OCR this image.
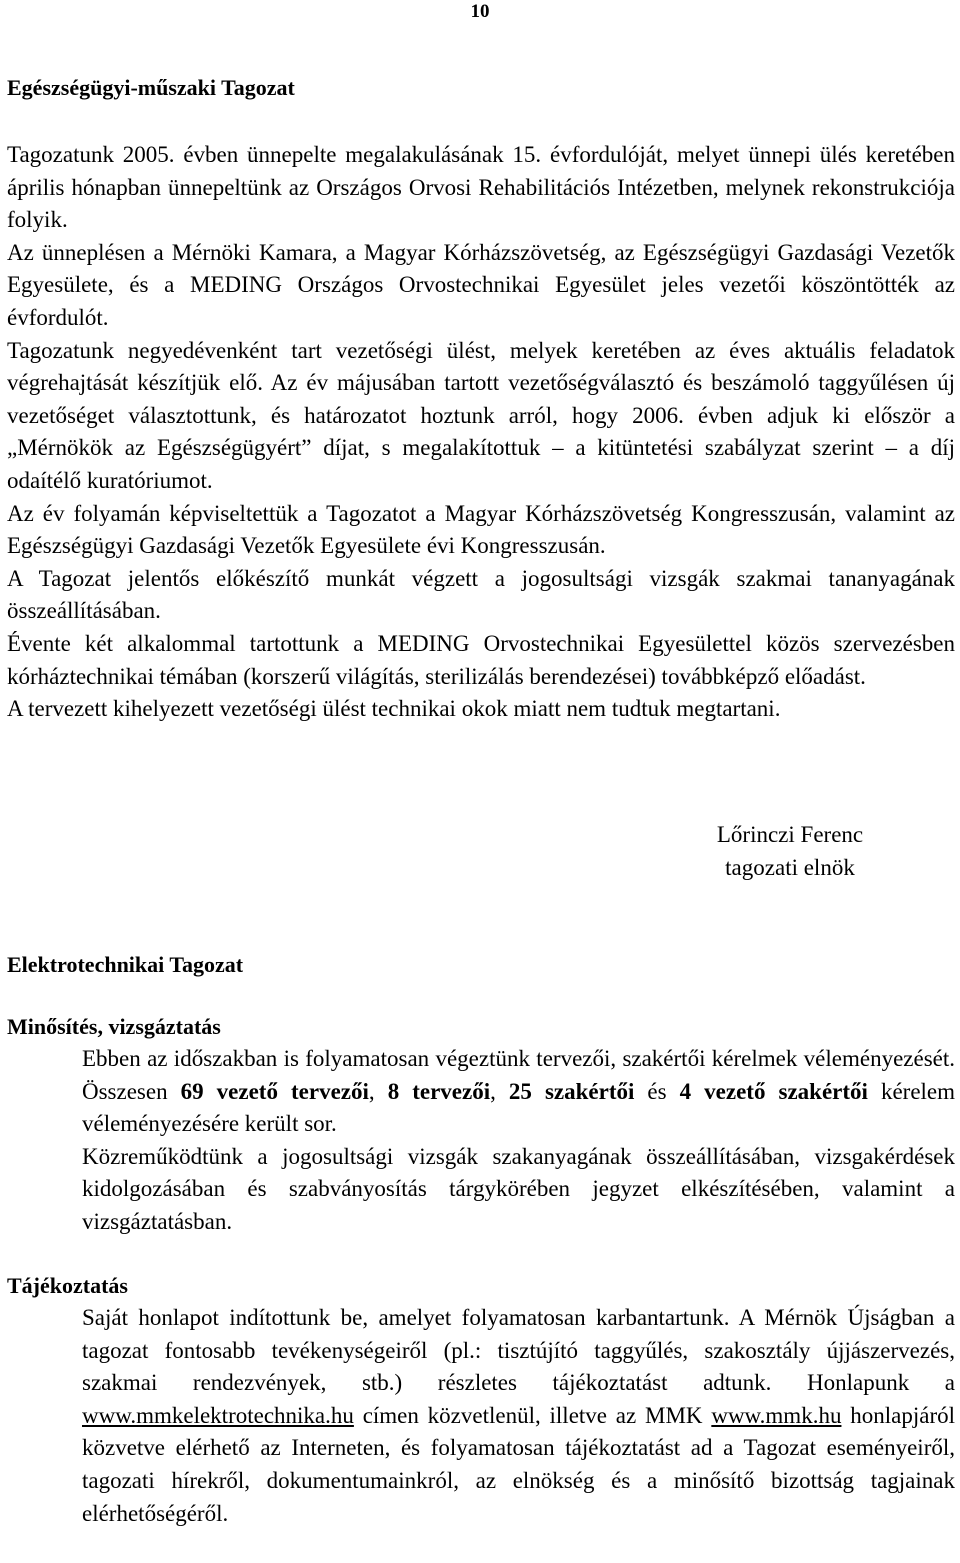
10
Egészségügyi-műszaki Tagozat

Tagozatunk 2005. évben ünnepelte megalakulásának 15. évfordulóját, melyet ünnepi ülés keretében április hónapban ünnepeltünk az Országos Orvosi Rehabilitációs Intézetben, melynek rekonstrukciója folyik.

Az ünneplésen a Mérnöki Kamara, a Magyar Kórházszövetség, az Egészségügyi Gazdasági Vezetők Egyesülete, és a MEDING Országos Orvostechnikai Egyesület jeles vezetői köszöntötték az évfordulót.

Tagozatunk negyedévenként tart vezetőségi ülést, melyek keretében az éves aktuális feladatok végrehajtását készítjük elő. Az év májusában tartott vezetőségválasztó és beszámoló taggyűlésen új vezetőséget választottunk, és határozatot hoztunk arról, hogy 2006. évben adjuk ki először a „Mérnökök az Egészségügyért” díjat, s megalakítottuk – a kitüntetési szabályzat szerint – a díj odaítélő kuratóriumot.

Az év folyamán képviseltettük a Tagozatot a Magyar Kórházszövetség Kongresszusán, valamint az Egészségügyi Gazdasági Vezetők Egyesülete évi Kongresszusán.

A Tagozat jelentős előkészítő munkát végzett a jogosultsági vizsgák szakmai tananyagának összeállításában.

Évente két alkalommal tartottunk a MEDING Orvostechnikai Egyesülettel közös szervezésben kórháztechnikai témában (korszerű világítás, sterilizálás berendezései) továbbképző előadást.

A tervezett kihelyezett vezetőségi ülést technikai okok miatt nem tudtuk megtartani.

Lőrinczi Ferenc
tagozati elnök
Elektrotechnikai Tagozat
Minősítés, vizsgáztatás

Ebben az időszakban is folyamatosan végeztünk tervezői, szakértői kérelmek véleményezését. Összesen 69 vezető tervezői, 8 tervezői, 25 szakértői és 4 vezető szakértői kérelem véleményezésére került sor.

Közreműködtünk a jogosultsági vizsgák szakanyagának összeállításában, vizsgakérdések kidolgozásában és szabványosítás tárgykörében jegyzet elkészítésében, valamint a vizsgáztatásban.

Tájékoztatás

Saját honlapot indítottunk be, amelyet folyamatosan karbantartunk. A Mérnök Újságban a tagozat fontosabb tevékenységeiről (pl.: tisztújító taggyűlés, szakosztály újjászervezés, szakmai rendezvények, stb.) részletes tájékoztatást adtunk. Honlapunk a www.mmkelektrotechnika.hu címen közvetlenül, illetve az MMK www.mmk.hu honlapjáról közvetve elérhető az Interneten, és folyamatosan tájékoztatást ad a Tagozat eseményeiről, tagozati hírekről, dokumentumainkról, az elnökség és a minősítő bizottság tagjainak elérhetőségéről.
